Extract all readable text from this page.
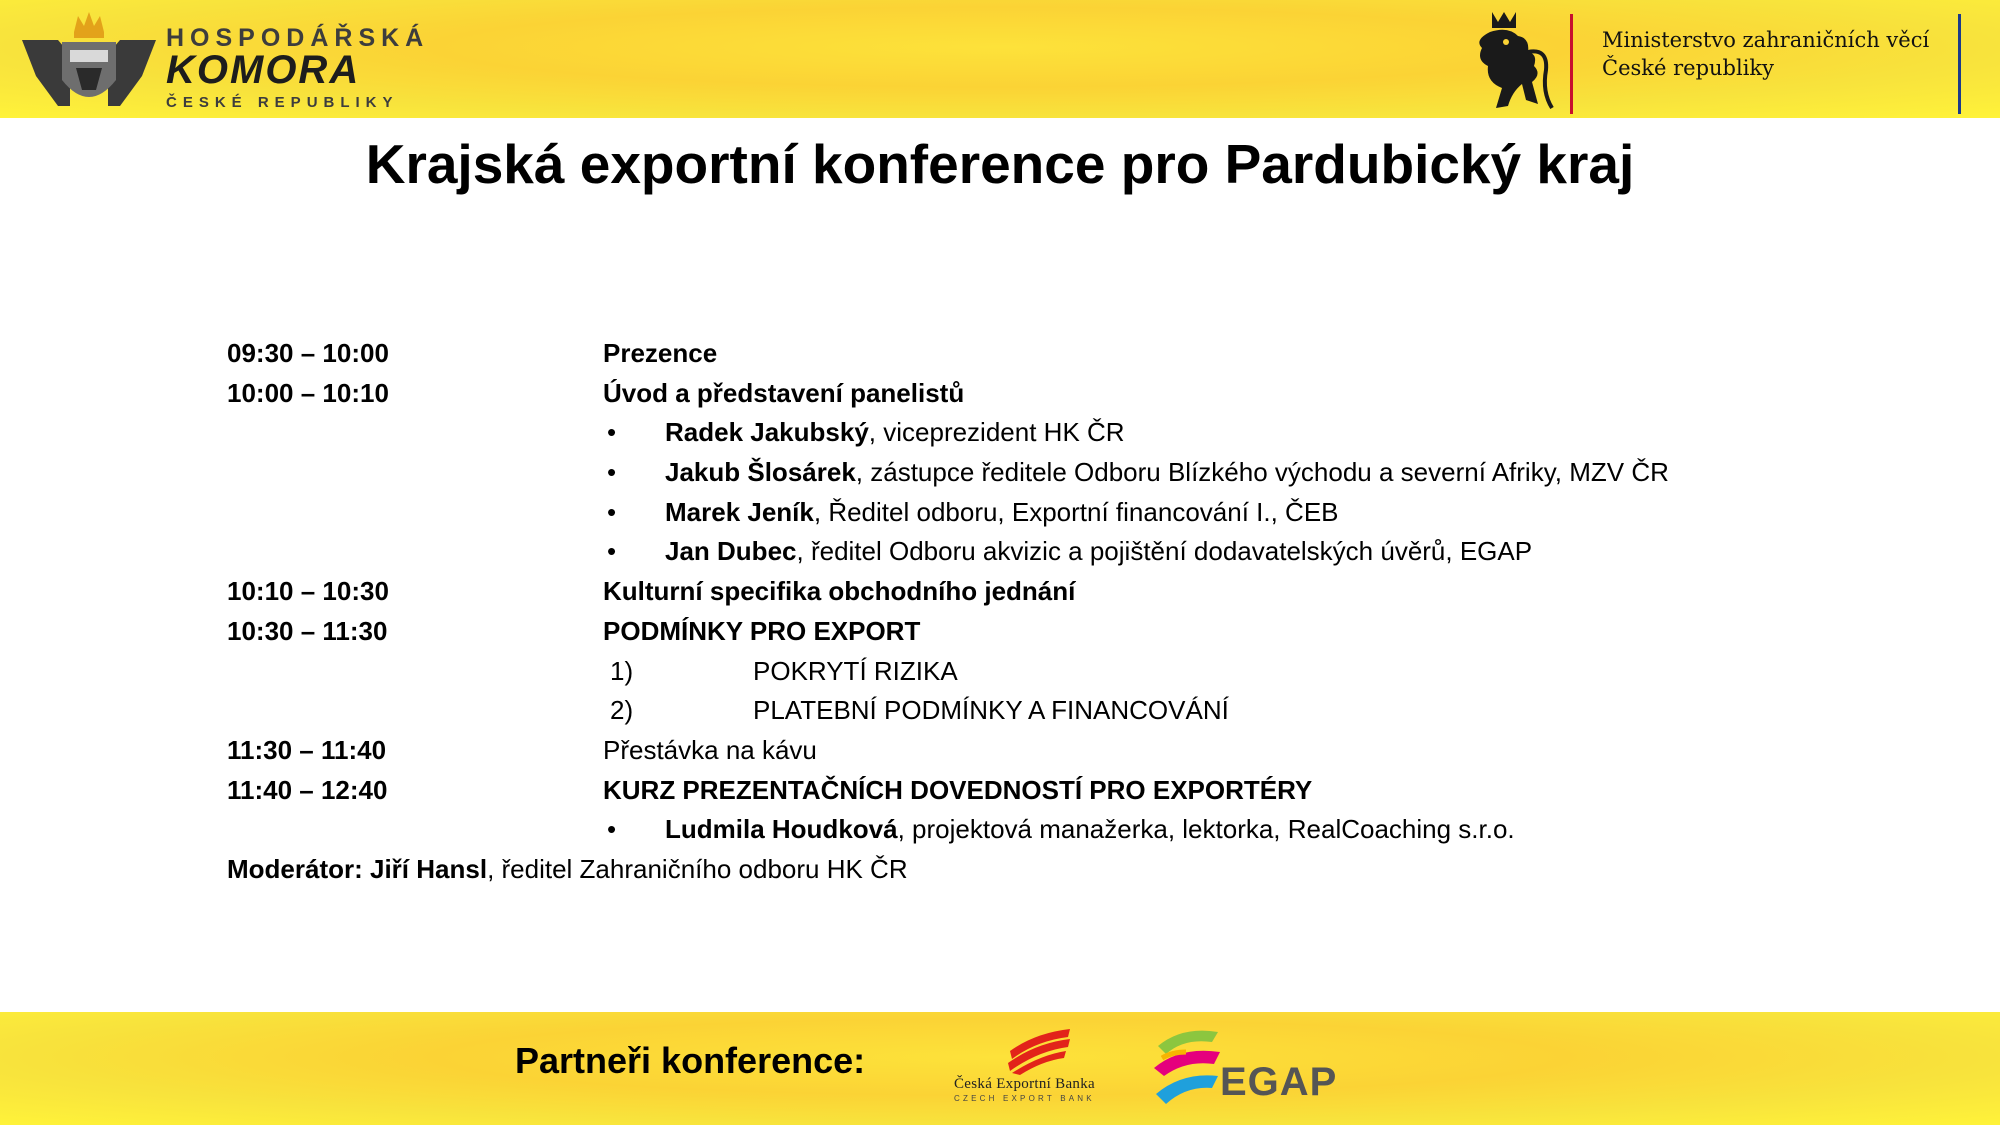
HOSPODÁŘSKÁ
KOMORA
ČESKÉ REPUBLIKY
Ministerstvo zahraničních věcí
České republiky
Krajská exportní konference pro Pardubický kraj
09:30 – 10:00	Prezence
10:00 – 10:10	Úvod a představení panelistů
• Radek Jakubský, viceprezident HK ČR
• Jakub Šlosárek, zástupce ředitele Odboru Blízkého východu a severní Afriky, MZV ČR
• Marek Jeník, Ředitel odboru, Exportní financování I., ČEB
• Jan Dubec, ředitel Odboru akvizic a pojištění dodavatelských úvěrů, EGAP
10:10 – 10:30	Kulturní specifika obchodního jednání
10:30 – 11:30	PODMÍNKY PRO EXPORT
1)	POKRYTÍ RIZIKA
2)	PLATEBNÍ PODMÍNKY A FINANCOVÁNÍ
11:30 – 11:40	Přestávka na kávu
11:40 – 12:40	KURZ PREZENTAČNÍCH DOVEDNOSTÍ PRO EXPORTÉRY
• Ludmila Houdková, projektová manažerka, lektorka, RealCoaching s.r.o.
Moderátor: Jiří Hansl, ředitel Zahraničního odboru HK ČR
Partneři konference:
Česká Exportní Banka
CZECH EXPORT BANK	EGAP
